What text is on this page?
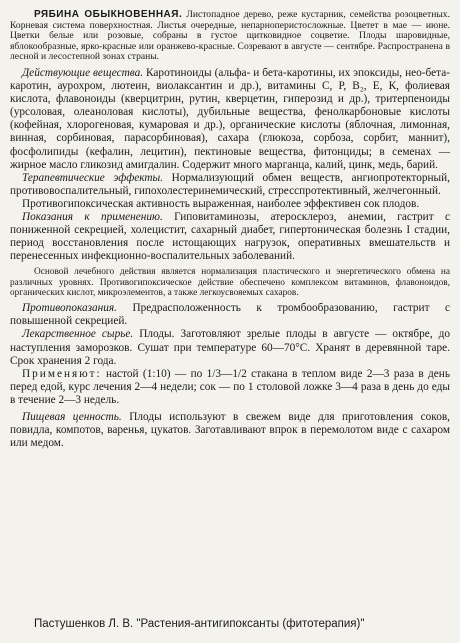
РЯБИНА ОБЫКНОВЕННАЯ. Листопадное дерево, реже кустарник, семейства розоцветных. Корневая система поверхностная. Листья очередные, непарноперистосложные. Цветет в мае — июне. Цветки белые или розовые, собраны в густое щитковидное соцветие. Плоды шаровидные, яблокообразные, ярко-красные или оранжево-красные. Созревают в августе — сентябре. Распространена в лесной и лесостепной зонах страны.

Действующие вещества. Каротиноиды (альфа- и бета-каротины, их эпоксиды, нео-бета-каротин, аурохром, лютеин, виолаксантин и др.), витамины С, Р, B₂, Е, К, фолиевая кислота, флавоноиды (кверцитрин, рутин, кверцетин, гиперозид и др.), тритерпеноиды (урсоловая, олеаноловая кислоты), дубильные вещества, фенолкарбоновые кислоты (кофейная, хлорогеновая, кумаровая и др.), органические кислоты (яблочная, лимонная, винная, сорбиновая, парасорбиновая), сахара (глюкоза, сорбоза, сорбит, маннит), фосфолипиды (кефалин, лецитин), пектиновые вещества, фитонциды; в семенах — жирное масло гликозид амигдалин. Содержит много марганца, калий, цинк, медь, барий.

Терапевтические эффекты. Нормализующий обмен веществ, ангиопротекторный, противовоспалительный, гипохолестеринемический, стресспротективный, желчегонный.

Противогипоксическая активность выраженная, наиболее эффективен сок плодов.

Показания к применению. Гиповитаминозы, атеросклероз, анемии, гастрит с пониженной секрецией, холецистит, сахарный диабет, гипертоническая болезнь I стадии, период восстановления после истощающих нагрузок, оперативных вмешательств и перенесенных инфекционно-воспалительных заболеваний.

Основой лечебного действия является нормализация пластического и энергетического обмена на различных уровнях. Противогипоксическое действие обеспечено комплексом витаминов, флавоноидов, органических кислот, микроэлементов, а также легкоусвояемых сахаров.

Противопоказания. Предрасположенность к тромбообразованию, гастрит с повышенной секрецией.

Лекарственное сырье. Плоды. Заготовляют зрелые плоды в августе — октябре, до наступления заморозков. Сушат при температуре 60—70°С. Хранят в деревянной таре. Срок хранения 2 года.

Применяют: настой (1:10) — по 1/3—1/2 стакана в теплом виде 2—3 раза в день перед едой, курс лечения 2—4 недели; сок — по 1 столовой ложке 3—4 раза в день до еды в течение 2—3 недель.

Пищевая ценность. Плоды используют в свежем виде для приготовления соков, повидла, компотов, варенья, цукатов. Заготавливают впрок в перемолотом виде с сахаром или медом.

Пастушенков Л. В. "Растения-антигипоксанты (фитотерапия)"
